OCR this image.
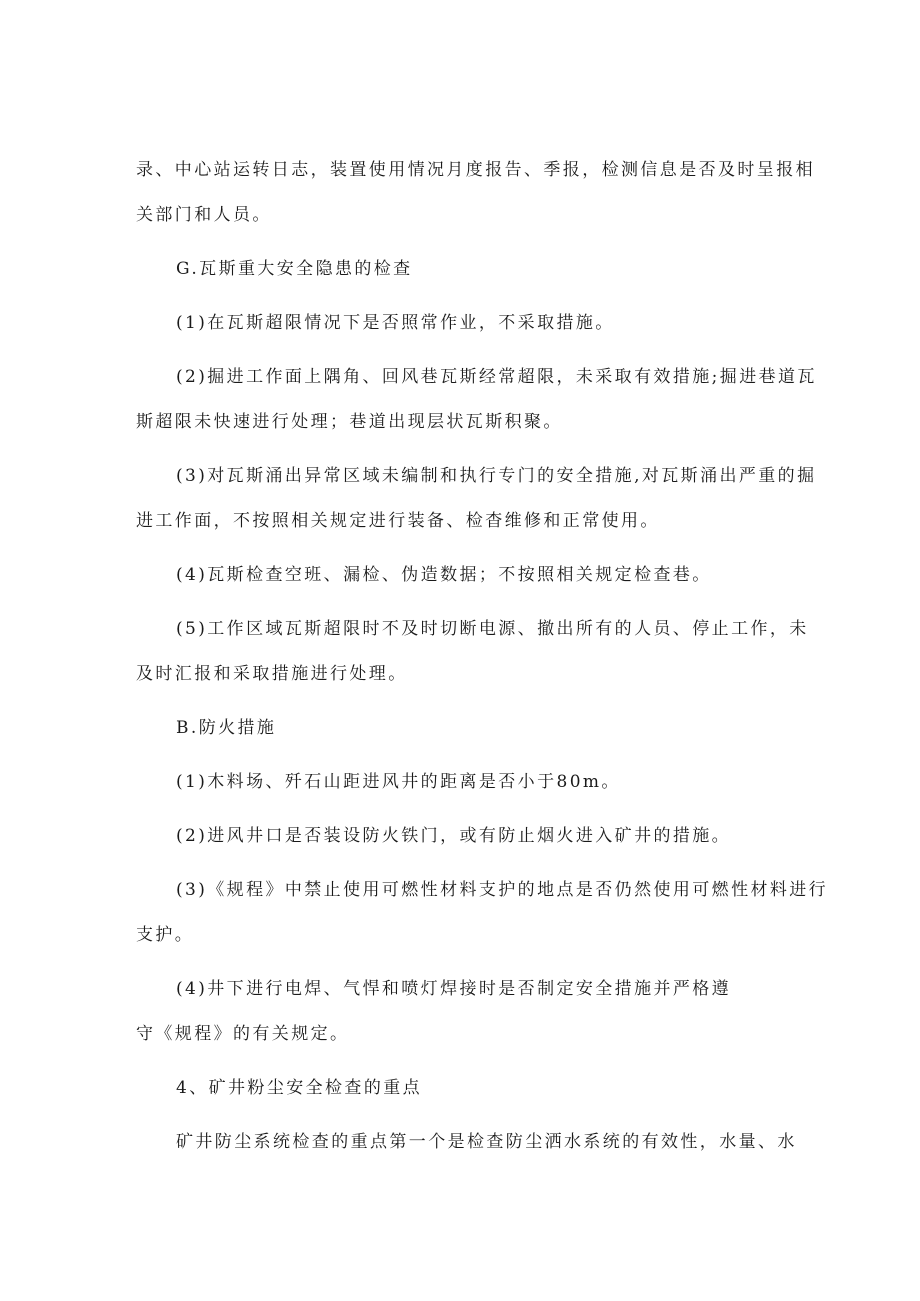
录、中心站运转日志，装置使用情况月度报告、季报，检测信息是否及时呈报相
关部门和人员。
G.瓦斯重大安全隐患的检查
(1)在瓦斯超限情况下是否照常作业，不采取措施。
(2)掘进工作面上隅角、回风巷瓦斯经常超限，未采取有效措施;掘进巷道瓦
斯超限未快速进行处理；巷道出现层状瓦斯积聚。
(3)对瓦斯涌出异常区域未编制和执行专门的安全措施,对瓦斯涌出严重的掘
进工作面，不按照相关规定进行装备、检杳维修和正常使用。
(4)瓦斯检查空班、漏检、伪造数据；不按照相关规定检查巷。
(5)工作区域瓦斯超限时不及时切断电源、撤出所有的人员、停止工作，未
及时汇报和采取措施进行处理。
B.防火措施
(1)木料场、歼石山距进风井的距离是否小于80m。
(2)进风井口是否装设防火铁门，或有防止烟火进入矿井的措施。
(3)《规程》中禁止使用可燃性材料支护的地点是否仍然使用可燃性材料进行
支护。
(4)井下进行电焊、气悍和喷灯焊接时是否制定安全措施并严格遵
守《规程》的有关规定。
4、矿井粉尘安全检查的重点
矿井防尘系统检查的重点第一个是检查防尘洒水系统的有效性，水量、水
